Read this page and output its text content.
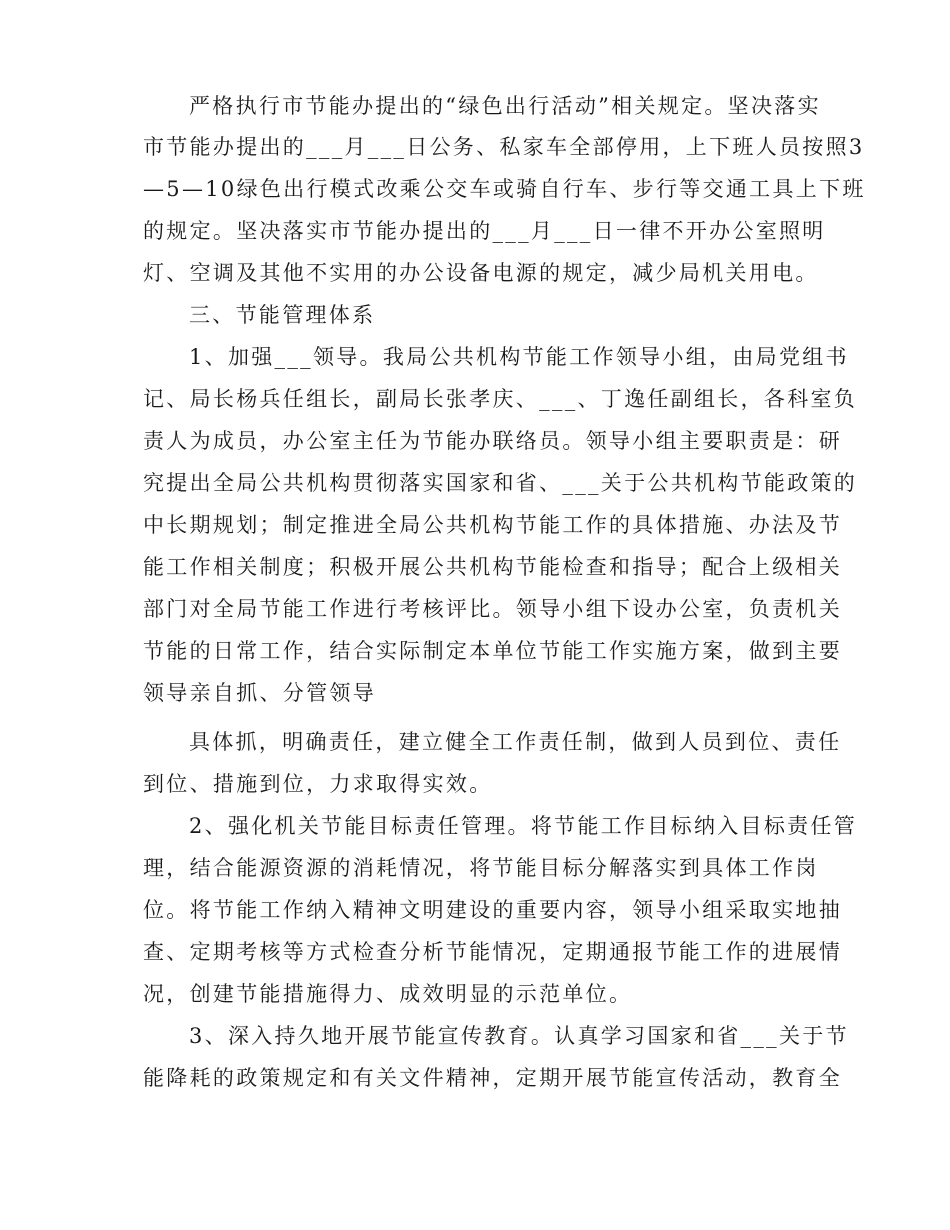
严格执行市节能办提出的“绿色出行活动”相关规定。坚决落实
市节能办提出的___月___日公务、私家车全部停用，上下班人员按照3
—5—10绿色出行模式改乘公交车或骑自行车、步行等交通工具上下班
的规定。坚决落实市节能办提出的___月___日一律不开办公室照明
灯、空调及其他不实用的办公设备电源的规定，减少局机关用电。
三、节能管理体系
1、加强___领导。我局公共机构节能工作领导小组，由局党组书
记、局长杨兵任组长，副局长张孝庆、___、丁逸任副组长，各科室负
责人为成员，办公室主任为节能办联络员。领导小组主要职责是：研
究提出全局公共机构贯彻落实国家和省、___关于公共机构节能政策的
中长期规划；制定推进全局公共机构节能工作的具体措施、办法及节
能工作相关制度；积极开展公共机构节能检查和指导；配合上级相关
部门对全局节能工作进行考核评比。领导小组下设办公室，负责机关
节能的日常工作，结合实际制定本单位节能工作实施方案，做到主要
领导亲自抓、分管领导
具体抓，明确责任，建立健全工作责任制，做到人员到位、责任
到位、措施到位，力求取得实效。
2、强化机关节能目标责任管理。将节能工作目标纳入目标责任管
理，结合能源资源的消耗情况，将节能目标分解落实到具体工作岗
位。将节能工作纳入精神文明建设的重要内容，领导小组采取实地抽
查、定期考核等方式检查分析节能情况，定期通报节能工作的进展情
况，创建节能措施得力、成效明显的示范单位。
3、深入持久地开展节能宣传教育。认真学习国家和省___关于节
能降耗的政策规定和有关文件精神，定期开展节能宣传活动，教育全
